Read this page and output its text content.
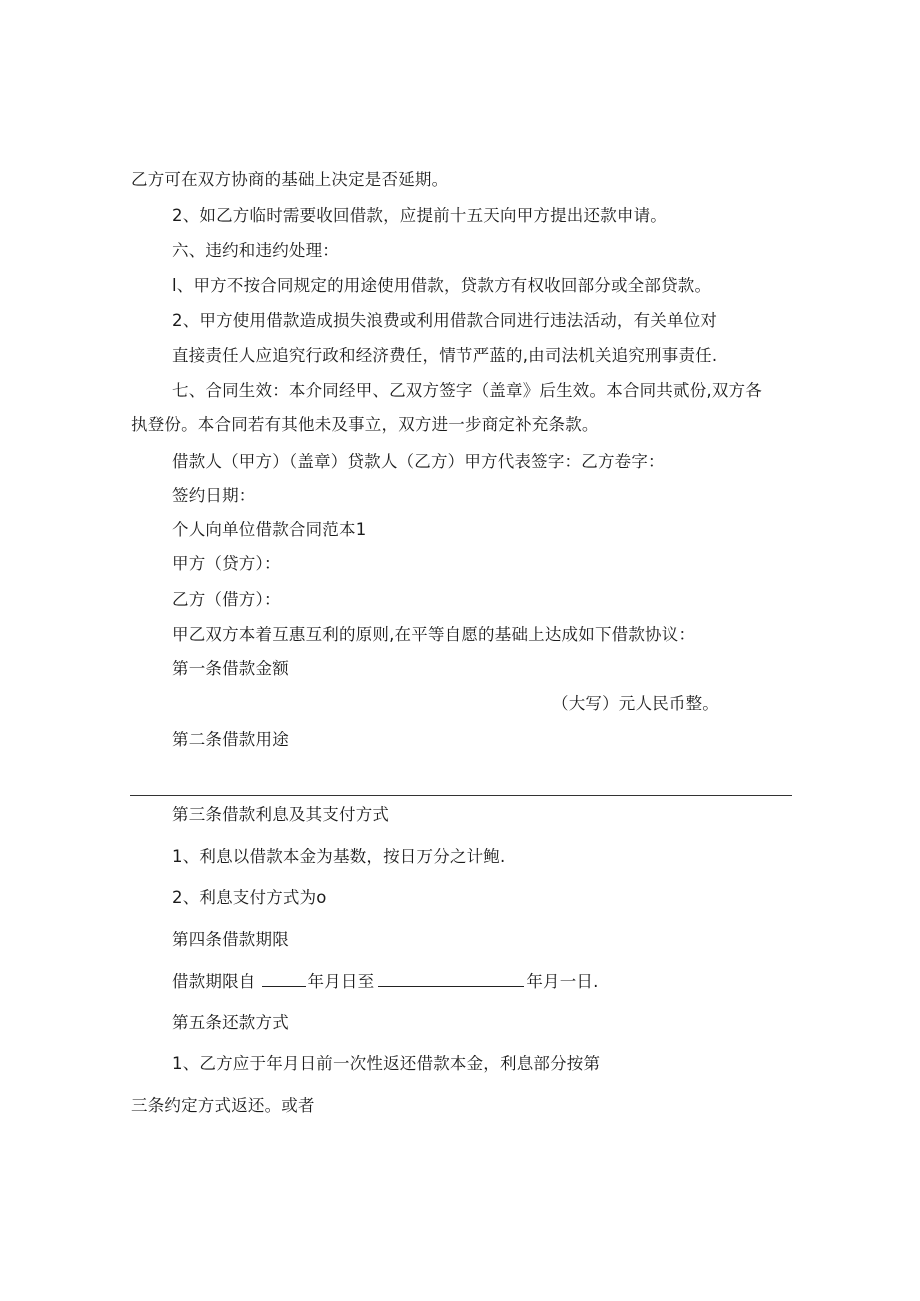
乙方可在双方协商的基础上决定是否延期。
2、如乙方临时需要收回借款，应提前十五天向甲方提出还款申请。
六、违约和违约处理：
l、甲方不按合同规定的用途使用借款，贷款方有权收回部分或全部贷款。
2、甲方使用借款造成损失浪费或利用借款合同进行违法活动，有关单位对
直接责任人应追究行政和经济费任，情节严蓝的,由司法机关追究刑事责任.
七、合同生效：本介同经甲、乙双方签字（盖章》后生效。本合同共贰份,双方各
执登份。本合同若有其他未及事立，双方进一步商定补充条款。
借款人（甲方）（盖章）贷款人（乙方）甲方代表签字：乙方卷字：
签约日期：
个人向单位借款合同范本1
甲方（贷方）：
乙方（借方）：
甲乙双方本着互惠互利的原则,在平等自愿的基础上达成如下借款协议：
第一条借款金额
（大写）元人民币整。
第二条借款用途
第三条借款利息及其支付方式
1、利息以借款本金为基数，按日万分之计鲍.
2、利息支付方式为o
第四条借款期限
借款期限自	年月日至	年月一日.
第五条还款方式
1、乙方应于年月日前一次性返还借款本金，利息部分按第
三条约定方式返还。或者
